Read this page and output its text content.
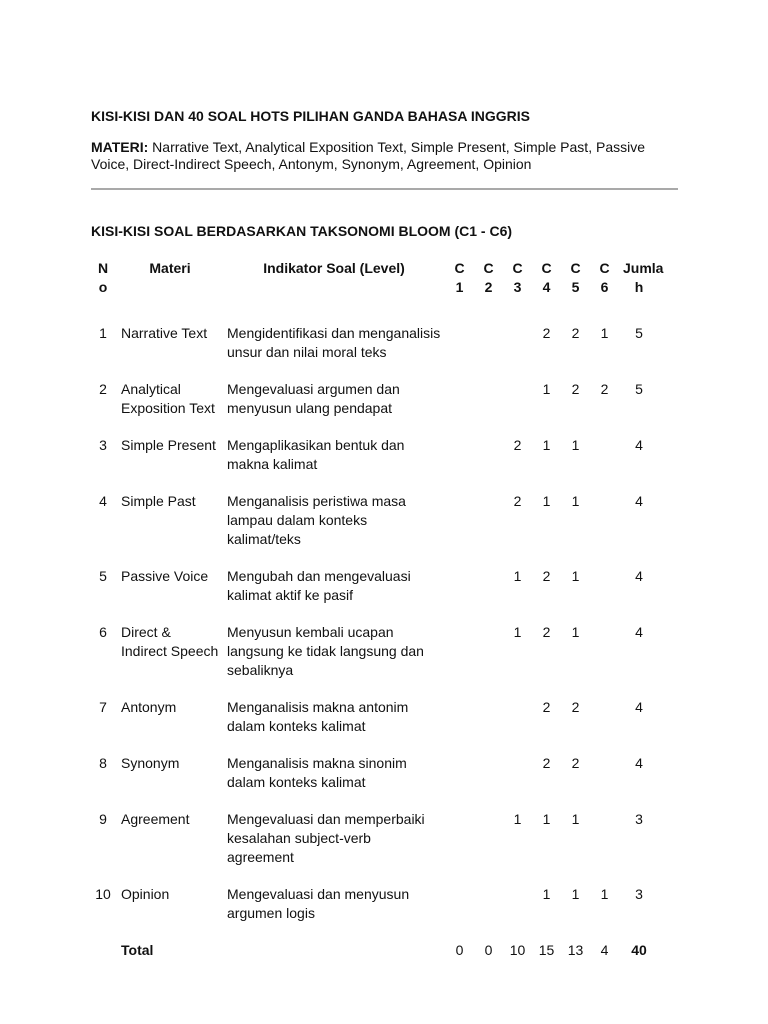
KISI-KISI DAN 40 SOAL HOTS PILIHAN GANDA BAHASA INGGRIS
MATERI: Narrative Text, Analytical Exposition Text, Simple Present, Simple Past, Passive Voice, Direct-Indirect Speech, Antonym, Synonym, Agreement, Opinion
KISI-KISI SOAL BERDASARKAN TAKSONOMI BLOOM (C1 - C6)
N o	Materi	Indikator Soal (Level)	C 1	C 2	C 3	C 4	C 5	C 6	Jumla h
1	Narrative Text	Mengidentifikasi dan menganalisis unsur dan nilai moral teks				2	2	1	5
2	Analytical Exposition Text	Mengevaluasi argumen dan menyusun ulang pendapat				1	2	2	5
3	Simple Present	Mengaplikasikan bentuk dan makna kalimat			2	1	1		4
4	Simple Past	Menganalisis peristiwa masa lampau dalam konteks kalimat/teks			2	1	1		4
5	Passive Voice	Mengubah dan mengevaluasi kalimat aktif ke pasif			1	2	1		4
6	Direct & Indirect Speech	Menyusun kembali ucapan langsung ke tidak langsung dan sebaliknya			1	2	1		4
7	Antonym	Menganalisis makna antonim dalam konteks kalimat				2	2		4
8	Synonym	Menganalisis makna sinonim dalam konteks kalimat				2	2		4
9	Agreement	Mengevaluasi dan memperbaiki kesalahan subject-verb agreement			1	1	1		3
10	Opinion	Mengevaluasi dan menyusun argumen logis				1	1	1	3
	Total		0	0	10	15	13	4	40
